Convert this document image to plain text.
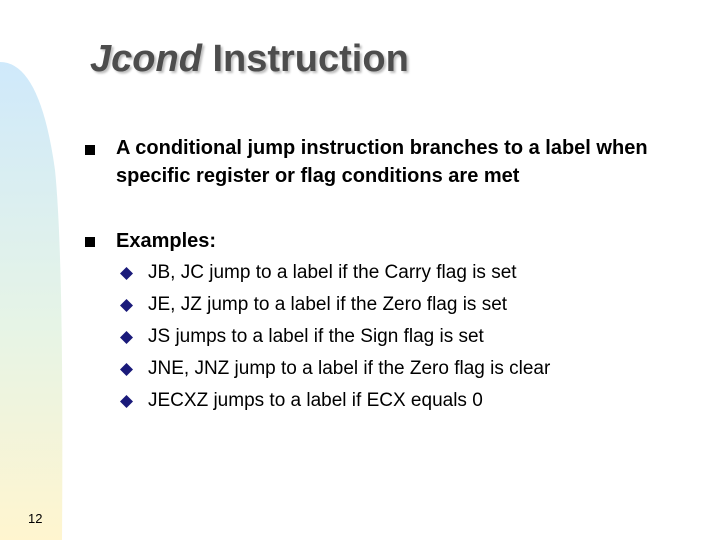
Jcond Instruction
A conditional jump instruction branches to a label when specific register or flag conditions are met
Examples:
JB, JC jump to a label if the Carry flag is set
JE, JZ jump to a label if the Zero flag is set
JS jumps to a label if the Sign flag is set
JNE, JNZ jump to a label if the Zero flag is clear
JECXZ jumps to a label if ECX equals 0
12
